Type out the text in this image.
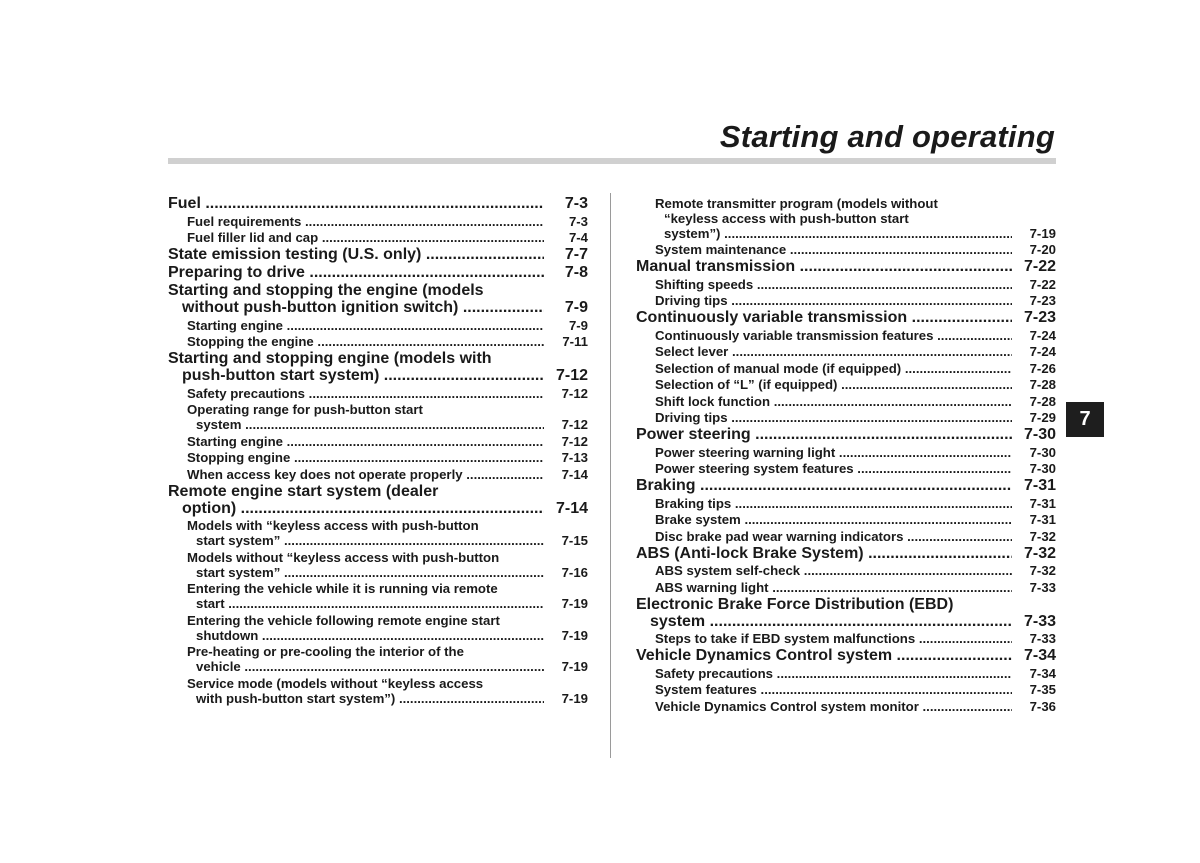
Starting and operating
7
Fuel .....	7-3
Fuel requirements .....	7-3
Fuel filler lid and cap .....	7-4
State emission testing (U.S. only) .....	7-7
Preparing to drive .....	7-8
Starting and stopping the engine (models
without push-button ignition switch) .....	7-9
Starting engine .....	7-9
Stopping the engine .....	7-11
Starting and stopping engine (models with
push-button start system) .....	7-12
Safety precautions .....	7-12
Operating range for push-button start
system .....	7-12
Starting engine .....	7-12
Stopping engine .....	7-13
When access key does not operate properly .....	7-14
Remote engine start system (dealer
option) .....	7-14
Models with “keyless access with push-button
start system” .....	7-15
Models without “keyless access with push-button
start system” .....	7-16
Entering the vehicle while it is running via remote
start .....	7-19
Entering the vehicle following remote engine start
shutdown .....	7-19
Pre-heating or pre-cooling the interior of the
vehicle .....	7-19
Service mode (models without “keyless access
with push-button start system”) .....	7-19
Remote transmitter program (models without
“keyless access with push-button start
system”) .....	7-19
System maintenance .....	7-20
Manual transmission .....	7-22
Shifting speeds .....	7-22
Driving tips .....	7-23
Continuously variable transmission .....	7-23
Continuously variable transmission features .....	7-24
Select lever .....	7-24
Selection of manual mode (if equipped) .....	7-26
Selection of “L” (if equipped) .....	7-28
Shift lock function .....	7-28
Driving tips .....	7-29
Power steering .....	7-30
Power steering warning light .....	7-30
Power steering system features .....	7-30
Braking .....	7-31
Braking tips .....	7-31
Brake system .....	7-31
Disc brake pad wear warning indicators .....	7-32
ABS (Anti-lock Brake System) .....	7-32
ABS system self-check .....	7-32
ABS warning light .....	7-33
Electronic Brake Force Distribution (EBD)
system .....	7-33
Steps to take if EBD system malfunctions .....	7-33
Vehicle Dynamics Control system .....	7-34
Safety precautions .....	7-34
System features .....	7-35
Vehicle Dynamics Control system monitor .....	7-36
